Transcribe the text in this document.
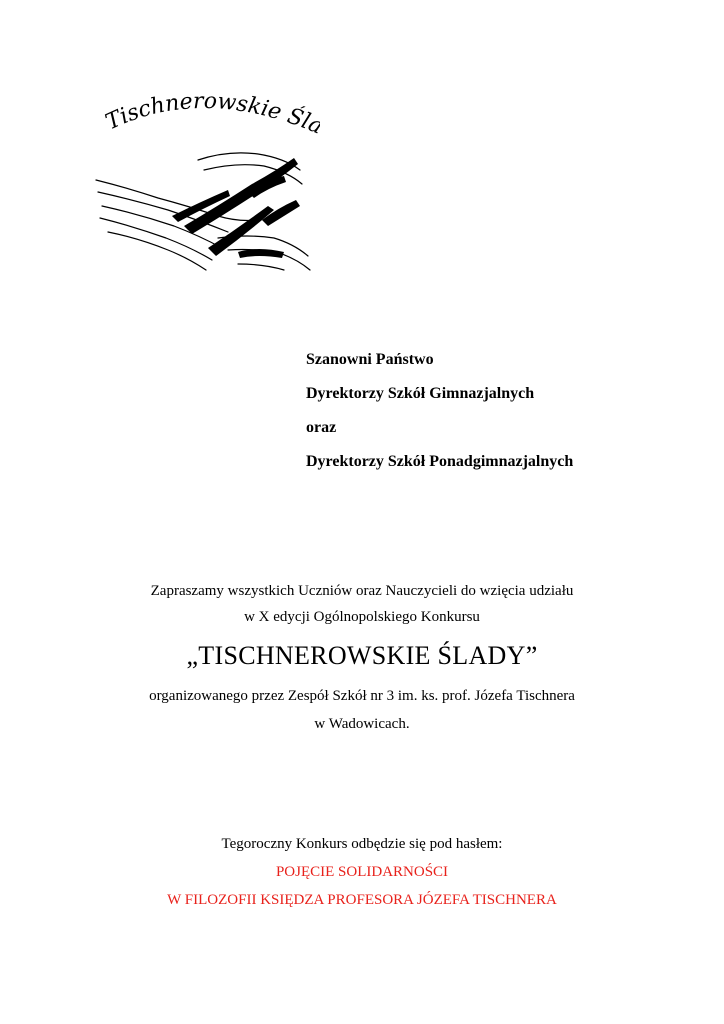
Tischnerowskie Śl

Szanowni Państwo

Dyrektorzy Szkół Gimnazjalnych

oraz

Dyrektorzy Szkół Ponadgimnazjalnych

Zapraszamy wszystkich Uczniów oraz Nauczycieli do wzięcia udziału

w X edycji Ogólnopolskiego Konkursu

„TISCHNEROWSKIE ŚLADY”

organizowanego przez Zespół Szkół nr 3 im. ks. prof. Józefa Tischnera

w Wadowicach.

Tegoroczny Konkurs odbędzie się pod hasłem:

POJĘCIE SOLIDARNOŚCI

W FILOZOFII KSIĘDZA PROFESORA JÓZEFA TISCHNERA
